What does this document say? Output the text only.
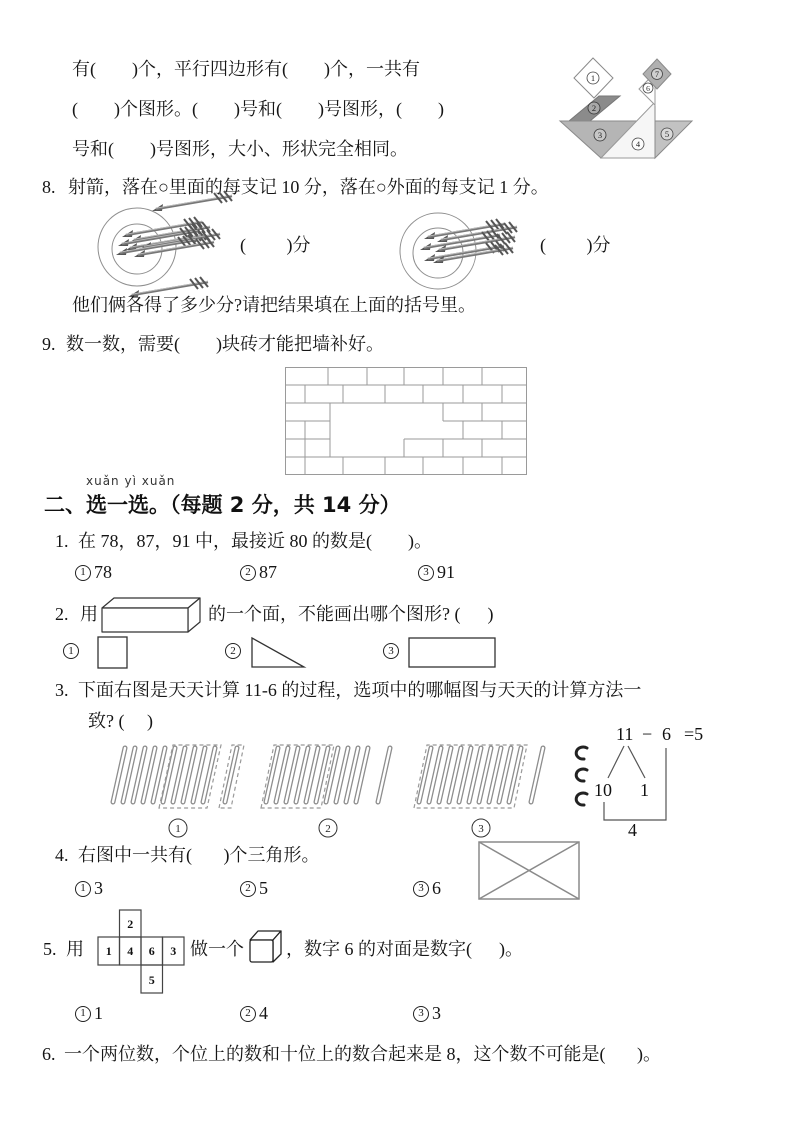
有(        )个，平行四边形有(        )个，一共有
(        )个图形。(        )号和(        )号图形，(        )
号和(        )号图形，大小、形状完全相同。
1
2
3
4
5
6
7
8. 射箭，落在○里面的每支记 10 分，落在○外面的每支记 1 分。
(         )分	(         )分
他们俩各得了多少分?请把结果填在上面的括号里。
9. 数一数，需要(        )块砖才能把墙补好。
xuǎn yì xuǎn
二、选一选。（每题 2 分，共 14 分）
1. 在 78，87，91 中，最接近 80 的数是(        )。
1 78	2 87	3 91
2. 用	的一个面，不能画出哪个图形? (      )
1	2	3
3. 下面右图是天天计算 11-6 的过程，选项中的哪幅图与天天的计算方法一
致? (     )
11 − 6 =5
10 1
4
1	2	3
4. 右图中一共有(       )个三角形。
1 3	2 5	3 6
5. 用 1 4 6 3
2
5
做一个 ，数字 6 的对面是数字(      )。
1 1	2 4	3 3
6. 一个两位数，个位上的数和十位上的数合起来是 8，这个数不可能是(       )。
